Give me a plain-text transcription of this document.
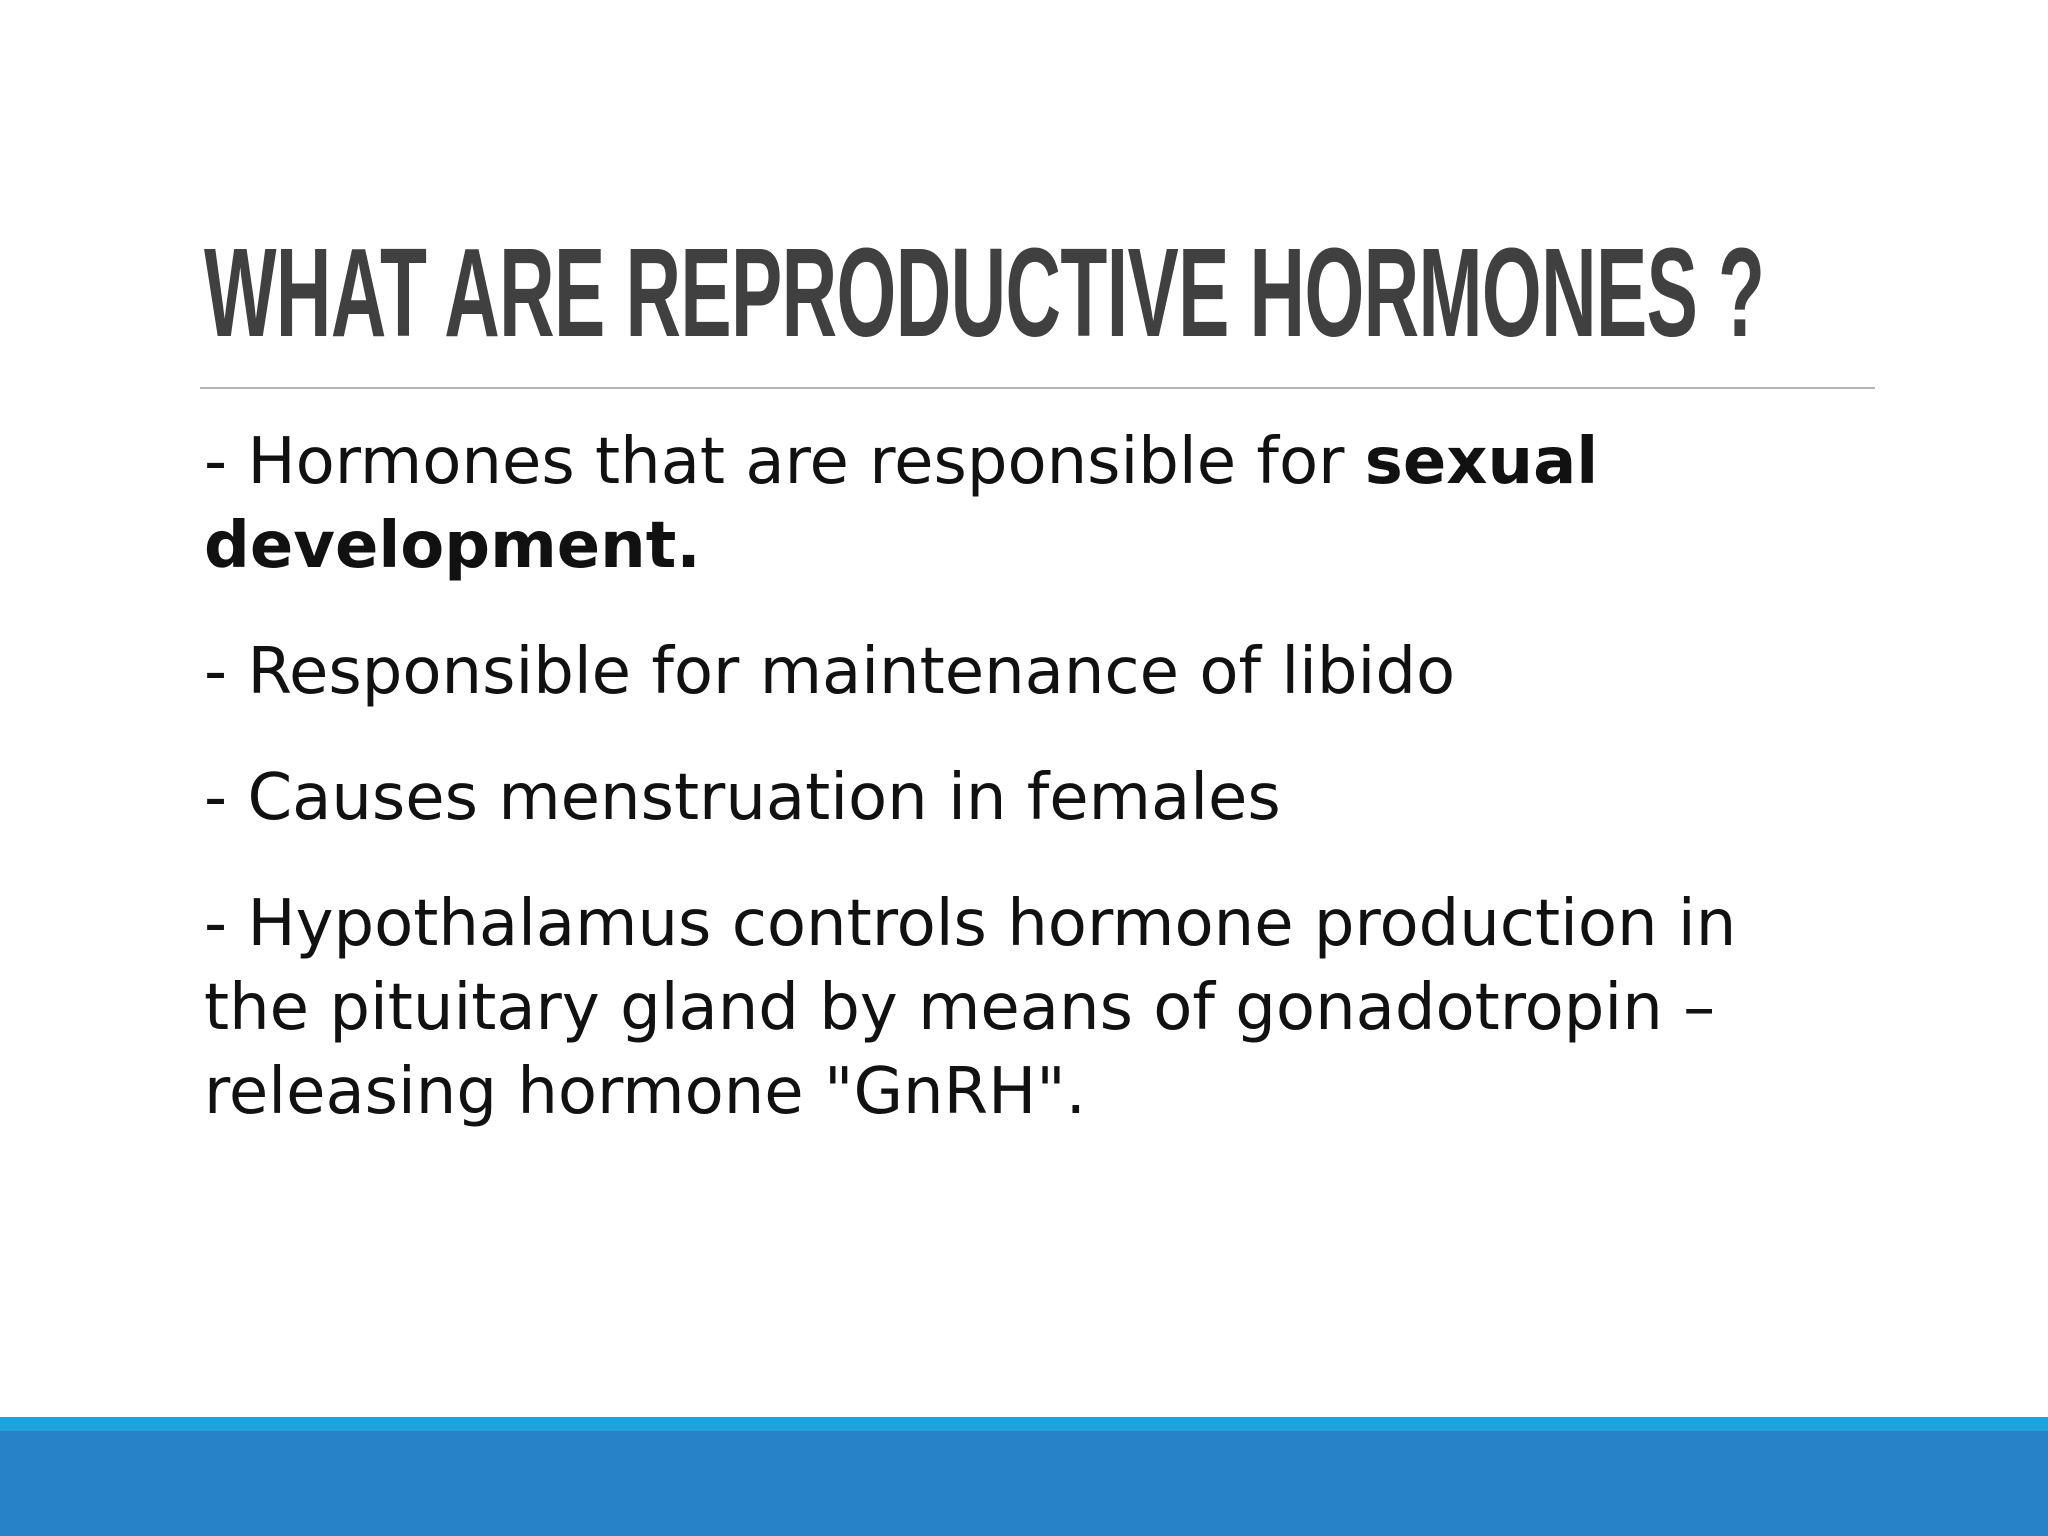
WHAT ARE REPRODUCTIVE HORMONES ?

- Hormones that are responsible for sexual development.

- Responsible for maintenance of libido

- Causes menstruation in females

- Hypothalamus controls hormone production in the pituitary gland by means of gonadotropin – releasing hormone "GnRH".
